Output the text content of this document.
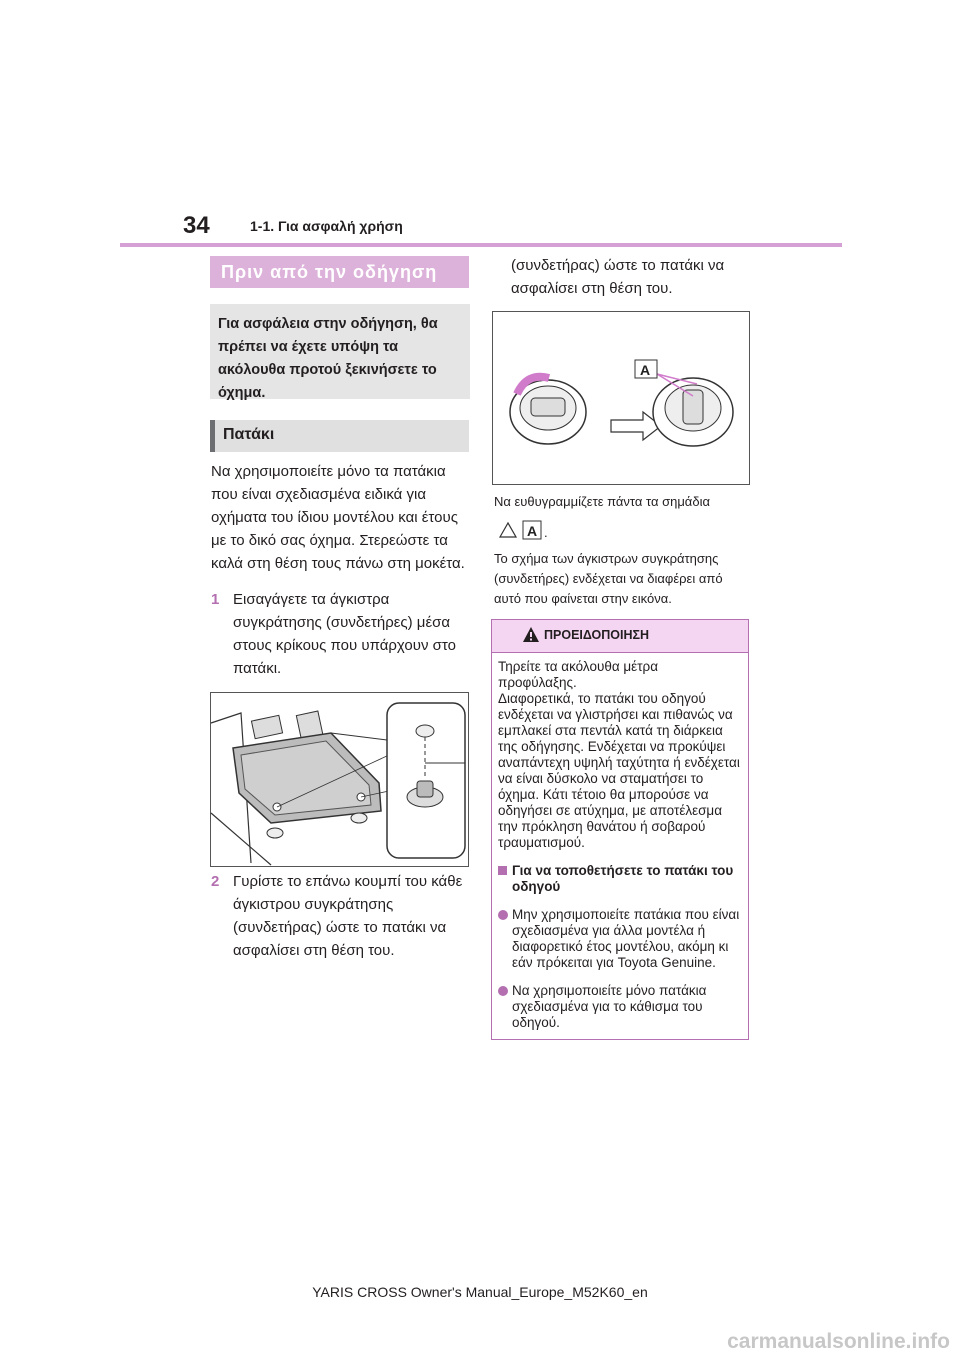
34	1-1. Για ασφαλή χρήση
Πριν από την οδήγηση

Για ασφάλεια στην οδήγηση, θα πρέπει να έχετε υπόψη τα ακόλουθα προτού ξεκινήσετε το όχημα.

Πατάκι
Να χρησιμοποιείτε μόνο τα πατάκια που είναι σχεδιασμένα ειδικά για οχήματα του ίδιου μοντέλου και έτους με το δικό σας όχημα. Στερεώστε τα καλά στη θέση τους πάνω στη μοκέτα.
1 Εισαγάγετε τα άγκιστρα συγκράτησης (συνδετήρες) μέσα στους κρίκους που υπάρχουν στο πατάκι.
2 Γυρίστε το επάνω κουμπί του κάθε άγκιστρου συγκράτησης (συνδετήρας) ώστε το πατάκι να ασφαλίσει στη θέση του.
(συνδετήρας) ώστε το πατάκι να ασφαλίσει στη θέση του.
A
Να ευθυγραμμίζετε πάντα τα σημάδια
A .
Το σχήμα των άγκιστρων συγκράτησης (συνδετήρες) ενδέχεται να διαφέρει από αυτό που φαίνεται στην εικόνα.
ΠΡΟΕΙΔΟΠΟΙΗΣΗ

Τηρείτε τα ακόλουθα μέτρα προφύλαξης.

Διαφορετικά, το πατάκι του οδηγού ενδέχεται να γλιστρήσει και πιθανώς να εμπλακεί στα πεντάλ κατά τη διάρκεια της οδήγησης. Ενδέχεται να προκύψει αναπάντεχη υψηλή ταχύτητα ή ενδέχεται να είναι δύσκολο να σταματήσει το όχημα. Κάτι τέτοιο θα μπορούσε να οδηγήσει σε ατύχημα, με αποτέλεσμα την πρόκληση θανάτου ή σοβαρού τραυματισμού.

Για να τοποθετήσετε το πατάκι του οδηγού

Μην χρησιμοποιείτε πατάκια που είναι σχεδιασμένα για άλλα μοντέλα ή διαφορετικό έτος μοντέλου, ακόμη κι εάν πρόκειται για Toyota Genuine.
Να χρησιμοποιείτε μόνο πατάκια σχεδιασμένα για το κάθισμα του οδηγού.
YARIS CROSS Owner's Manual_Europe_M52K60_en
carmanualsonline.info
